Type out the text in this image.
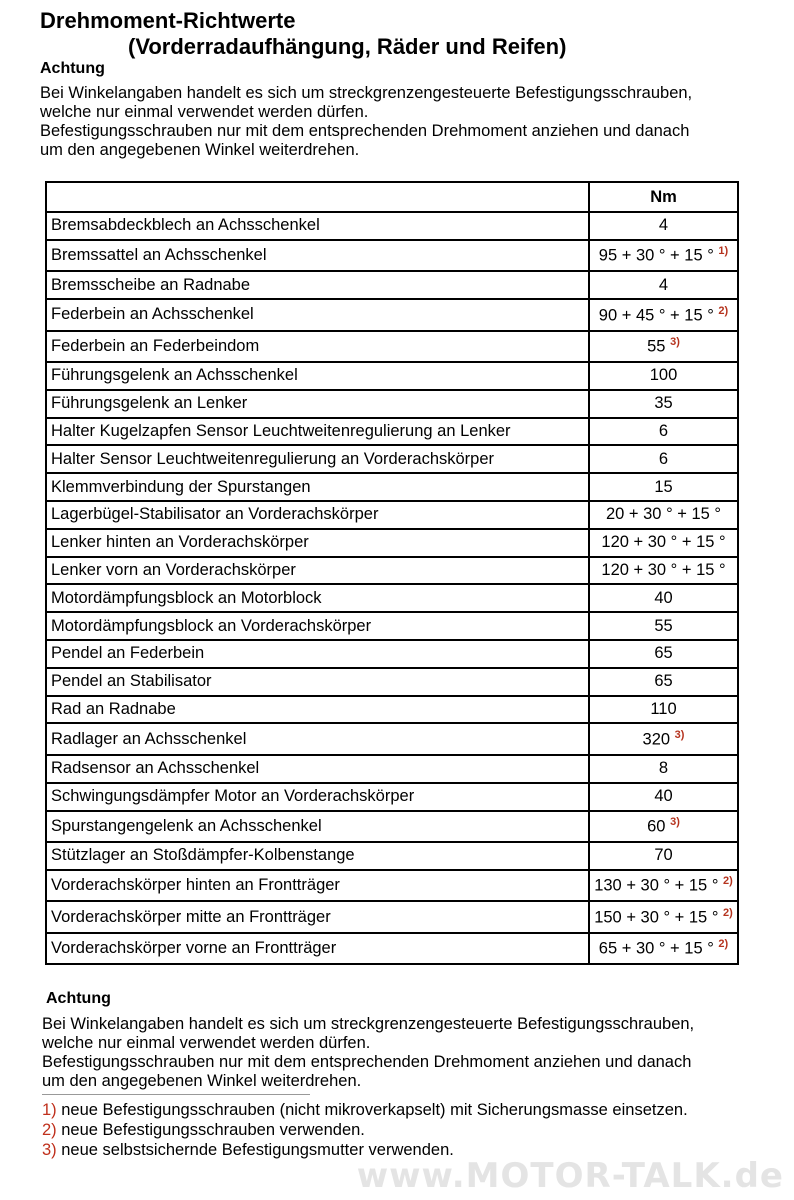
Drehmoment-Richtwerte
(Vorderradaufhängung, Räder und Reifen)
Achtung

Bei Winkelangaben handelt es sich um streckgrenzengesteuerte Befestigungsschrauben,

welche nur einmal verwendet werden dürfen.

Befestigungsschrauben nur mit dem entsprechenden Drehmoment anziehen und danach

um den angegebenen Winkel weiterdrehen.

	Nm
Bremsabdeckblech an Achsschenkel	4
Bremssattel an Achsschenkel	95 + 30 ° + 15 ° $^{1)}$
Bremsscheibe an Radnabe	4
Federbein an Achsschenkel	90 + 45 ° + 15 ° $^{2)}$
Federbein an Federbeindom	55 $^{3)}$
Führungsgelenk an Achsschenkel	100
Führungsgelenk an Lenker	35
Halter Kugelzapfen Sensor Leuchtweitenregulierung an Lenker	6
Halter Sensor Leuchtweitenregulierung an Vorderachskörper	6
Klemmverbindung der Spurstangen	15
Lagerbügel-Stabilisator an Vorderachskörper	20 + 30 ° + 15 °
Lenker hinten an Vorderachskörper	120 + 30 ° + 15 °
Lenker vorn an Vorderachskörper	120 + 30 ° + 15 °
Motordämpfungsblock an Motorblock	40
Motordämpfungsblock an Vorderachskörper	55
Pendel an Federbein	65
Pendel an Stabilisator	65
Rad an Radnabe	110
Radlager an Achsschenkel	320 $^{3)}$
Radsensor an Achsschenkel	8
Schwingungsdämpfer Motor an Vorderachskörper	40
Spurstangengelenk an Achsschenkel	60 $^{3)}$
Stützlager an Stoßdämpfer-Kolbenstange	70
Vorderachskörper hinten an Frontträger	130 + 30 ° + 15 ° $^{2)}$
Vorderachskörper mitte an Frontträger	150 + 30 ° + 15 ° $^{2)}$
Vorderachskörper vorne an Frontträger	65 + 30 ° + 15 ° $^{2)}$
Achtung

Bei Winkelangaben handelt es sich um streckgrenzengesteuerte Befestigungsschrauben,

welche nur einmal verwendet werden dürfen.

Befestigungsschrauben nur mit dem entsprechenden Drehmoment anziehen und danach

um den angegebenen Winkel weiterdrehen.

1) neue Befestigungsschrauben (nicht mikroverkapselt) mit Sicherungsmasse einsetzen.
2) neue Befestigungsschrauben verwenden.
3) neue selbstsichernde Befestigungsmutter verwenden.
www.MOTOR-TALK.de
